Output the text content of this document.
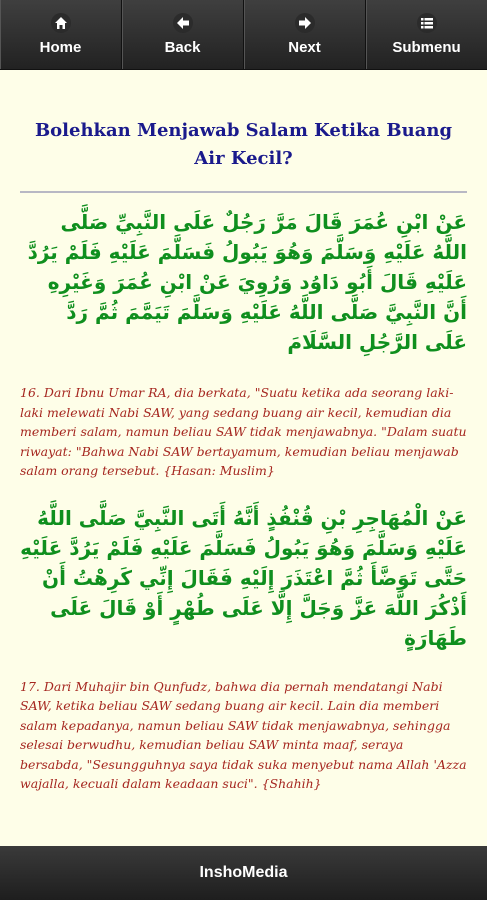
Home	Back	Next	Submenu
Bolehkan Menjawab Salam Ketika Buang Air Kecil?

عَنْ ابْنِ عُمَرَ قَالَ مَرَّ رَجُلٌ عَلَى النَّبِيِّ صَلَّى اللَّهُ عَلَيْهِ وَسَلَّمَ وَهُوَ يَبُولُ فَسَلَّمَ عَلَيْهِ فَلَمْ يَرُدَّ عَلَيْهِ قَالَ أَبُو دَاوُد وَرُوِيَ عَنْ ابْنِ عُمَرَ وَغَيْرِهِ أَنَّ النَّبِيَّ صَلَّى اللَّهُ عَلَيْهِ وَسَلَّمَ تَيَمَّمَ ثُمَّ رَدَّ عَلَى الرَّجُلِ السَّلَامَ

16. Dari Ibnu Umar RA, dia berkata, "Suatu ketika ada seorang laki-laki melewati Nabi SAW, yang sedang buang air kecil, kemudian dia memberi salam, namun beliau SAW tidak menjawabnya. "Dalam suatu riwayat: "Bahwa Nabi SAW bertayamum, kemudian beliau menjawab salam orang tersebut. {Hasan: Muslim}

عَنْ الْمُهَاجِرِ بْنِ قُنْفُذٍ أَنَّهُ أَتَى النَّبِيَّ صَلَّى اللَّهُ عَلَيْهِ وَسَلَّمَ وَهُوَ يَبُولُ فَسَلَّمَ عَلَيْهِ فَلَمْ يَرُدَّ عَلَيْهِ حَتَّى تَوَضَّأَ ثُمَّ اعْتَذَرَ إِلَيْهِ فَقَالَ إِنِّي كَرِهْتُ أَنْ أَذْكُرَ اللَّهَ عَزَّ وَجَلَّ إِلَّا عَلَى طُهْرٍ أَوْ قَالَ عَلَى طَهَارَةٍ

17. Dari Muhajir bin Qunfudz, bahwa dia pernah mendatangi Nabi SAW, ketika beliau SAW sedang buang air kecil. Lain dia memberi salam kepadanya, namun beliau SAW tidak menjawabnya, sehingga selesai berwudhu, kemudian beliau SAW minta maaf, seraya bersabda, "Sesungguhnya saya tidak suka menyebut nama Allah 'Azza wajalla, kecuali dalam keadaan suci". {Shahih}

InshoMedia
